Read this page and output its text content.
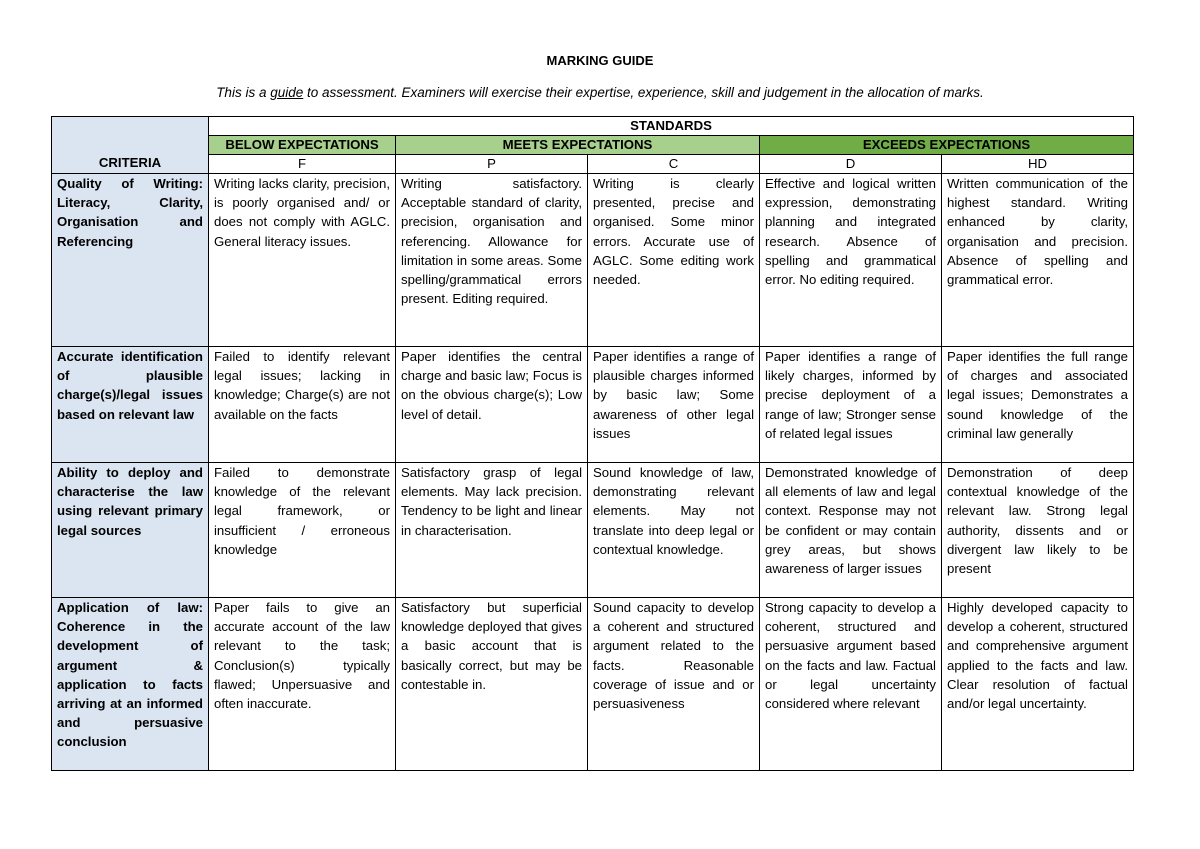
MARKING GUIDE
This is a guide to assessment. Examiners will exercise their expertise, experience, skill and judgement in the allocation of marks.
CRITERIA	STANDARDS				
	BELOW EXPECTATIONS	MEETS EXPECTATIONS		EXCEEDS EXPECTATIONS	
	F	P	C	D	HD
Quality of Writing: Literacy, Clarity, Organisation and Referencing	Writing lacks clarity, precision, is poorly organised and/ or does not comply with AGLC. General literacy issues.	Writing satisfactory. Acceptable standard of clarity, precision, organisation and referencing. Allowance for limitation in some areas. Some spelling/grammatical errors present. Editing required.	Writing is clearly presented, precise and organised. Some minor errors. Accurate use of AGLC. Some editing work needed.	Effective and logical written expression, demonstrating planning and integrated research. Absence of spelling and grammatical error. No editing required.	Written communication of the highest standard. Writing enhanced by clarity, organisation and precision. Absence of spelling and grammatical error.
Accurate identification of plausible charge(s)/legal issues based on relevant law	Failed to identify relevant legal issues; lacking in knowledge; Charge(s) are not available on the facts	Paper identifies the central charge and basic law; Focus is on the obvious charge(s); Low level of detail.	Paper identifies a range of plausible charges informed by basic law; Some awareness of other legal issues	Paper identifies a range of likely charges, informed by precise deployment of a range of law; Stronger sense of related legal issues	Paper identifies the full range of charges and associated legal issues; Demonstrates a sound knowledge of the criminal law generally
Ability to deploy and characterise the law using relevant primary legal sources	Failed to demonstrate knowledge of the relevant legal framework, or insufficient / erroneous knowledge	Satisfactory grasp of legal elements. May lack precision. Tendency to be light and linear in characterisation.	Sound knowledge of law, demonstrating relevant elements. May not translate into deep legal or contextual knowledge.	Demonstrated knowledge of all elements of law and legal context. Response may not be confident or may contain grey areas, but shows awareness of larger issues	Demonstration of deep contextual knowledge of the relevant law. Strong legal authority, dissents and or divergent law likely to be present
Application of law: Coherence in the development of argument & application to facts arriving at an informed and persuasive conclusion	Paper fails to give an accurate account of the law relevant to the task; Conclusion(s) typically flawed; Unpersuasive and often inaccurate.	Satisfactory but superficial knowledge deployed that gives a basic account that is basically correct, but may be contestable in.	Sound capacity to develop a coherent and structured argument related to the facts. Reasonable coverage of issue and or persuasiveness	Strong capacity to develop a coherent, structured and persuasive argument based on the facts and law. Factual or legal uncertainty considered where relevant	Highly developed capacity to develop a coherent, structured and comprehensive argument applied to the facts and law. Clear resolution of factual and/or legal uncertainty.
